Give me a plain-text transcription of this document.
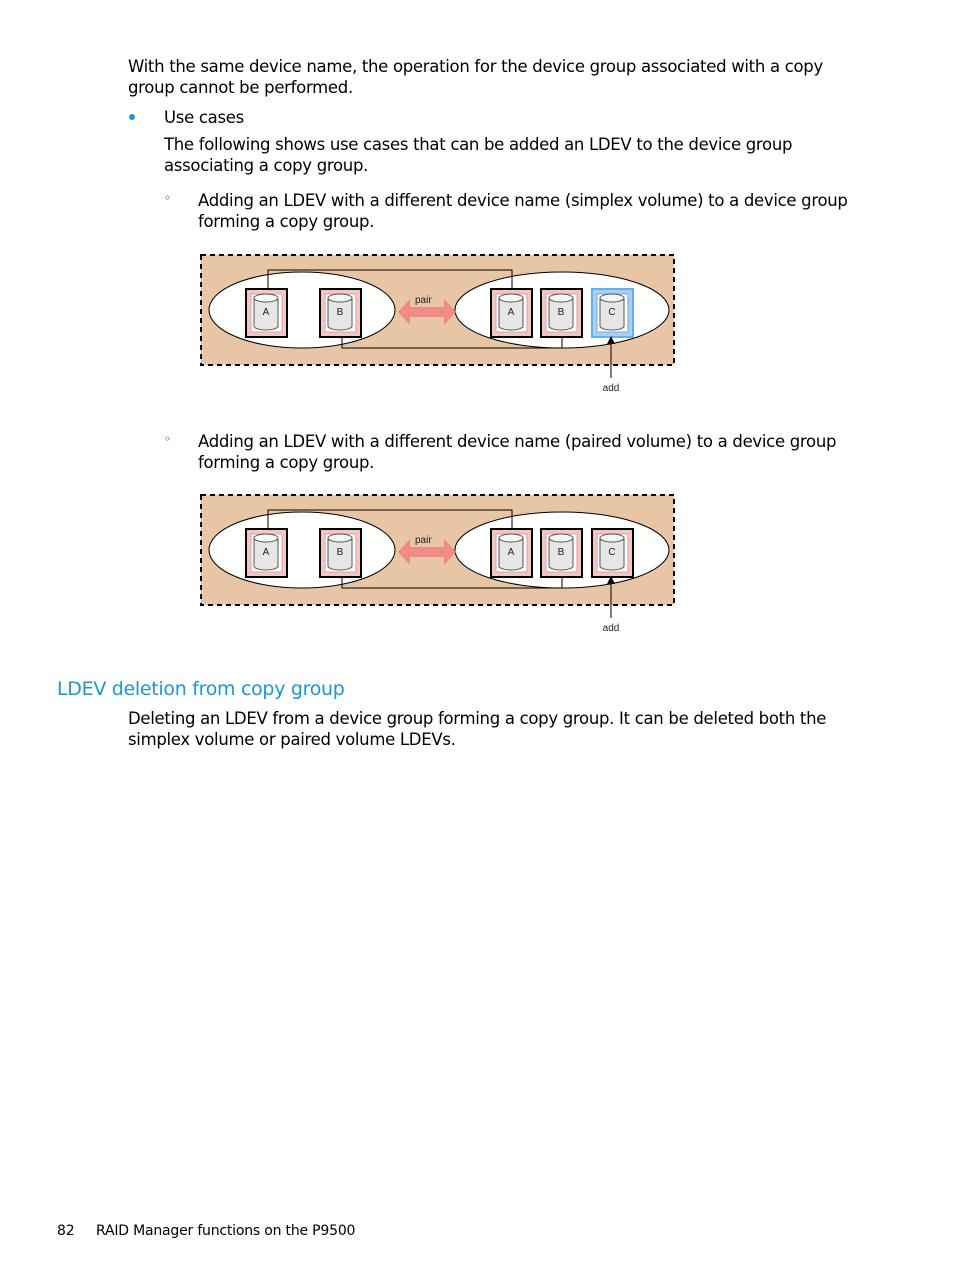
With the same device name, the operation for the device group associated with a copy group cannot be performed.

Use cases

The following shows use cases that can be added an LDEV to the device group associating a copy group.

◦ Adding an LDEV with a different device name (simplex volume) to a device group forming a copy group.

pair
A	B	A	B	C
add
◦ Adding an LDEV with a different device name (paired volume) to a device group forming a copy group.

pair
A	B	A	B	C
add
LDEV deletion from copy group

Deleting an LDEV from a device group forming a copy group. It can be deleted both the simplex volume or paired volume LDEVs.

82 RAID Manager functions on the P9500
